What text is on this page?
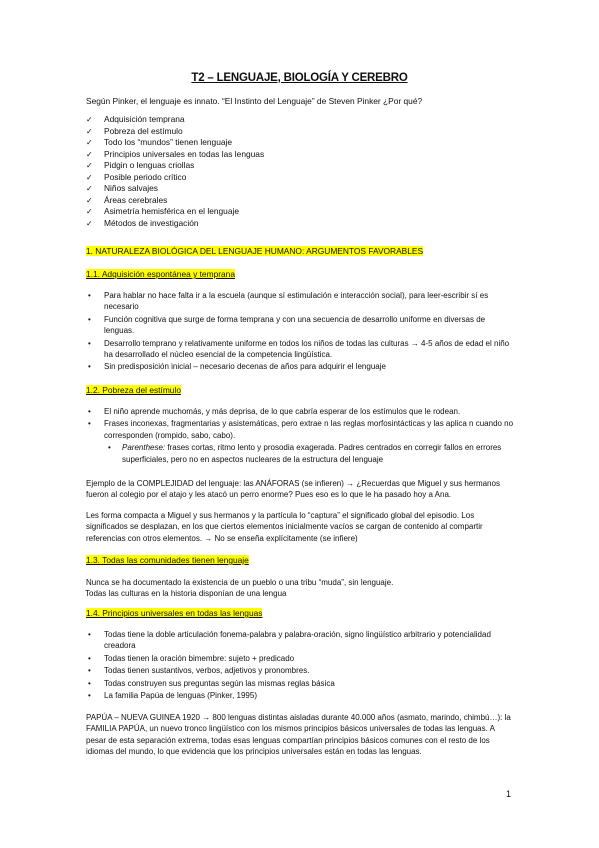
T2 – LENGUAJE, BIOLOGÍA Y CEREBRO
Según Pinker, el lenguaje es innato. “El Instinto del Lenguaje” de Steven Pinker ¿Por qué?
✓ Adquisición temprana
✓ Pobreza del estímulo
✓ Todo los “mundos” tienen lenguaje
✓ Principios universales en todas las lenguas
✓ Pidgin o lenguas criollas
✓ Posible periodo crítico
✓ Niños salvajes
✓ Áreas cerebrales
✓ Asimetría hemisférica en el lenguaje
✓ Métodos de investigación
1. NATURALEZA BIOLÓGICA DEL LENGUAJE HUMANO: ARGUMENTOS FAVORABLES
1.1. Adquisición espontánea y temprana
• Para hablar no hace falta ir a la escuela (aunque sí estimulación e interacción social), para leer-escribir sí es necesario
• Función cognitiva que surge de forma temprana y con una secuencia de desarrollo uniforme en diversas de lenguas.
• Desarrollo temprano y relativamente uniforme en todos los niños de todas las culturas → 4-5 años de edad el niño ha desarrollado el núcleo esencial de la competencia lingüística.
• Sin predisposición inicial – necesario decenas de años para adquirir el lenguaje
1.2. Pobreza del estímulo
• El niño aprende muchomás, y más deprisa, de lo que cabría esperar de los estímulos que le rodean.
• Frases inconexas, fragmentarias y asistemáticas, pero extrae n las reglas morfosintácticas y las aplica n cuando no corresponden (rompido, sabo, cabo).
• Parenthese: frases cortas, ritmo lento y prosodia exagerada. Padres centrados en corregir fallos en errores superficiales, pero no en aspectos nucleares de la estructura del lenguaje

Ejemplo de la COMPLEJIDAD del lenguaje: las ANÁFORAS (se infieren) → ¿Recuerdas que Miguel y sus hermanos fueron al colegio por el atajo y les atacó un perro enorme? Pues eso es lo que le ha pasado hoy a Ana.

Les forma compacta a Miguel y sus hermanos y la partícula lo “captura” el significado global del episodio. Los significados se desplazan, en los que ciertos elementos inicialmente vacíos se cargan de contenido al compartir referencias con otros elementos. → No se enseña explícitamente (se infiere)

1.3. Todas las comunidades tienen lenguaje

Nunca se ha documentado la existencia de un pueblo o una tribu “muda”, sin lenguaje.

Todas las culturas en la historia disponían de una lengua

1.4. Principios universales en todas las lenguas
• Todas tiene la doble articulación fonema-palabra y palabra-oración, signo lingüístico arbitrario y potencialidad creadora
• Todas tienen la oración bimembre: sujeto + predicado
• Todas tienen sustantivos, verbos, adjetivos y pronombres.
• Todas construyen sus preguntas según las mismas reglas básica
• La familia Papúa de lenguas (Pinker, 1995)

PAPÚA – NUEVA GUINEA 1920 → 800 lenguas distintas aisladas durante 40.000 años (asmato, marindo, chimbú…): la FAMILIA PAPÚA, un nuevo tronco lingüístico con los mismos principios básicos universales de todas las lenguas. A pesar de esta separación extrema, todas esas lenguas compartían principios básicos comunes con el resto de los idiomas del mundo, lo que evidencia que los principios universales están en todas las lenguas.

1
